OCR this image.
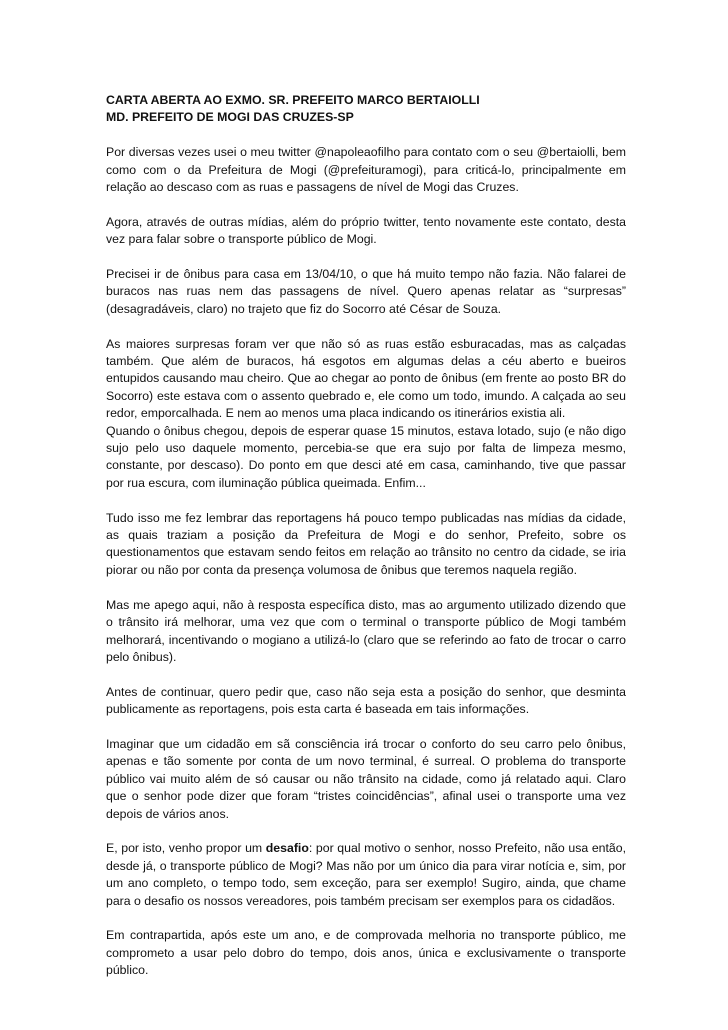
CARTA ABERTA AO EXMO. SR. PREFEITO MARCO BERTAIOLLI
MD. PREFEITO DE MOGI DAS CRUZES-SP

Por diversas vezes usei o meu twitter @napoleaofilho para contato com o seu @bertaiolli, bem como com o da Prefeitura de Mogi (@prefeituramogi), para criticá-lo, principalmente em relação ao descaso com as ruas e passagens de nível de Mogi das Cruzes.

Agora, através de outras mídias, além do próprio twitter, tento novamente este contato, desta vez para falar sobre o transporte público de Mogi.

Precisei ir de ônibus para casa em 13/04/10, o que há muito tempo não fazia. Não falarei de buracos nas ruas nem das passagens de nível. Quero apenas relatar as “surpresas” (desagradáveis, claro) no trajeto que fiz do Socorro até César de Souza.

As maiores surpresas foram ver que não só as ruas estão esburacadas, mas as calçadas também. Que além de buracos, há esgotos em algumas delas a céu aberto e bueiros entupidos causando mau cheiro. Que ao chegar ao ponto de ônibus (em frente ao posto BR do Socorro) este estava com o assento quebrado e, ele como um todo, imundo. A calçada ao seu redor, emporcalhada. E nem ao menos uma placa indicando os itinerários existia ali.

Quando o ônibus chegou, depois de esperar quase 15 minutos, estava lotado, sujo (e não digo sujo pelo uso daquele momento, percebia-se que era sujo por falta de limpeza mesmo, constante, por descaso). Do ponto em que desci até em casa, caminhando, tive que passar por rua escura, com iluminação pública queimada. Enfim...

Tudo isso me fez lembrar das reportagens há pouco tempo publicadas nas mídias da cidade, as quais traziam a posição da Prefeitura de Mogi e do senhor, Prefeito, sobre os questionamentos que estavam sendo feitos em relação ao trânsito no centro da cidade, se iria piorar ou não por conta da presença volumosa de ônibus que teremos naquela região.

Mas me apego aqui, não à resposta específica disto, mas ao argumento utilizado dizendo que o trânsito irá melhorar, uma vez que com o terminal o transporte público de Mogi também melhorará, incentivando o mogiano a utilizá-lo (claro que se referindo ao fato de trocar o carro pelo ônibus).

Antes de continuar, quero pedir que, caso não seja esta a posição do senhor, que desminta publicamente as reportagens, pois esta carta é baseada em tais informações.

Imaginar que um cidadão em sã consciência irá trocar o conforto do seu carro pelo ônibus, apenas e tão somente por conta de um novo terminal, é surreal. O problema do transporte público vai muito além de só causar ou não trânsito na cidade, como já relatado aqui. Claro que o senhor pode dizer que foram “tristes coincidências”, afinal usei o transporte uma vez depois de vários anos.

E, por isto, venho propor um desafio: por qual motivo o senhor, nosso Prefeito, não usa então, desde já, o transporte público de Mogi? Mas não por um único dia para virar notícia e, sim, por um ano completo, o tempo todo, sem exceção, para ser exemplo! Sugiro, ainda, que chame para o desafio os nossos vereadores, pois também precisam ser exemplos para os cidadãos.

Em contrapartida, após este um ano, e de comprovada melhoria no transporte público, me comprometo a usar pelo dobro do tempo, dois anos, única e exclusivamente o transporte público.
